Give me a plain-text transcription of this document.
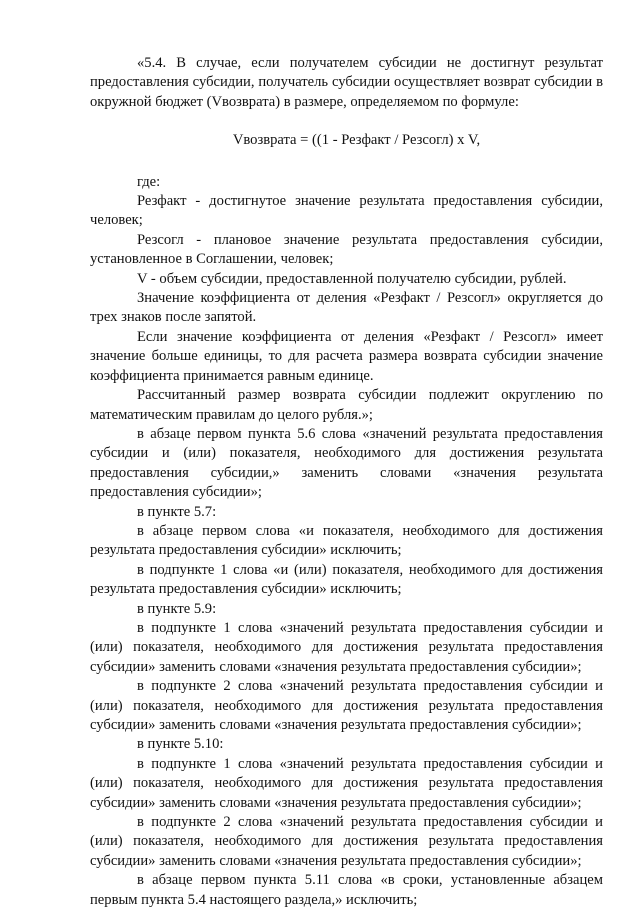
«5.4. В случае, если получателем субсидии не достигнут результат предоставления субсидии, получатель субсидии осуществляет возврат субсидии в окружной бюджет (Vвозврата) в размере, определяемом по формуле:

Vвозврата = ((1 - Резфакт / Резсогл) x V,

где:

Резфакт - достигнутое значение результата предоставления субсидии, человек;

Резсогл - плановое значение результата предоставления субсидии, установленное в Соглашении, человек;

V - объем субсидии, предоставленной получателю субсидии, рублей.

Значение коэффициента от деления «Резфакт / Резсогл» округляется до трех знаков после запятой.

Если значение коэффициента от деления «Резфакт / Резсогл» имеет значение больше единицы, то для расчета размера возврата субсидии значение коэффициента принимается равным единице.

Рассчитанный размер возврата субсидии подлежит округлению по математическим правилам до целого рубля.»;

в абзаце первом пункта 5.6 слова «значений результата предоставления субсидии и (или) показателя, необходимого для достижения результата предоставления субсидии,» заменить словами «значения результата предоставления субсидии»;

в пункте 5.7:

в абзаце первом слова «и показателя, необходимого для достижения результата предоставления субсидии» исключить;

в подпункте 1 слова «и (или) показателя, необходимого для достижения результата предоставления субсидии» исключить;

в пункте 5.9:

в подпункте 1 слова «значений результата предоставления субсидии и (или) показателя, необходимого для достижения результата предоставления субсидии» заменить словами «значения результата предоставления субсидии»;

в подпункте 2 слова «значений результата предоставления субсидии и (или) показателя, необходимого для достижения результата предоставления субсидии» заменить словами «значения результата предоставления субсидии»;

в пункте 5.10:

в подпункте 1 слова «значений результата предоставления субсидии и (или) показателя, необходимого для достижения результата предоставления субсидии» заменить словами «значения результата предоставления субсидии»;

в подпункте 2 слова «значений результата предоставления субсидии и (или) показателя, необходимого для достижения результата предоставления субсидии» заменить словами «значения результата предоставления субсидии»;

в абзаце первом пункта 5.11 слова «в сроки, установленные абзацем первым пункта 5.4 настоящего раздела,» исключить;
